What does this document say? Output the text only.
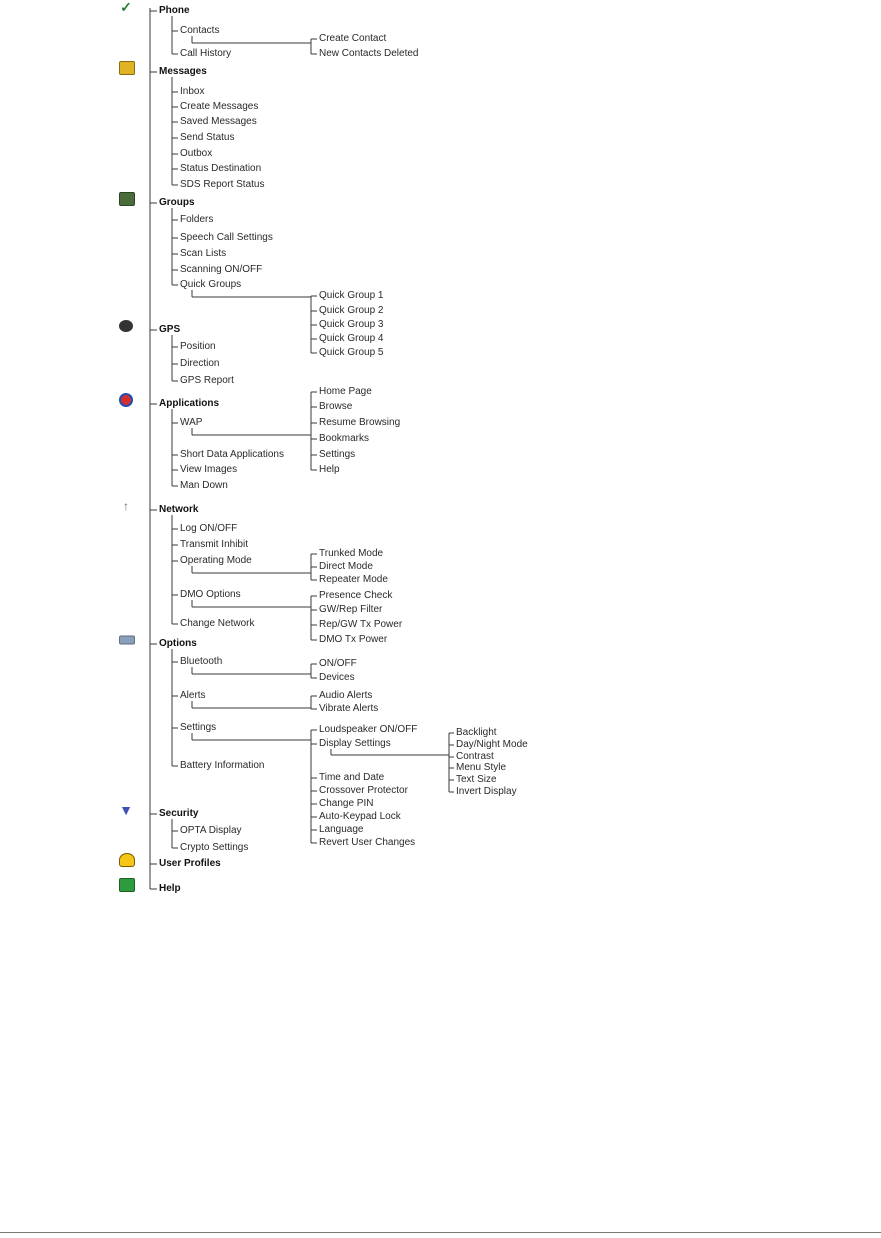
✓	Phone
Contacts
Create Contact
New Contacts Deleted
Call History
Messages
Inbox
Create Messages
Saved Messages
Send Status
Outbox
Status Destination
SDS Report Status
Groups
Folders
Speech Call Settings
Scan Lists
Scanning ON/OFF
Quick Groups
Quick Group 1
Quick Group 2
Quick Group 3
Quick Group 4
Quick Group 5
GPS
Position
Direction
GPS Report
Applications
WAP
Home Page
Browse
Resume Browsing
Bookmarks
Settings
Help
Short Data Applications
View Images
Man Down
↑	Network
Log ON/OFF
Transmit Inhibit
Operating Mode
Trunked Mode
Direct Mode
Repeater Mode
DMO Options	Presence Check
GW/Rep Filter
Rep/GW Tx Power
DMO Tx Power
Change Network
Options
Bluetooth	ON/OFF
Devices
Alerts	Audio Alerts
Vibrate Alerts
Settings	Loudspeaker ON/OFF
Display Settings
Backlight
Day/Night Mode
Contrast
Menu Style
Text Size
Invert Display
Time and Date
Crossover Protector
Change PIN
Auto-Keypad Lock
Language
Revert User Changes
Battery Information
▼	Security
OPTA Display
Crypto Settings
User Profiles
Help
